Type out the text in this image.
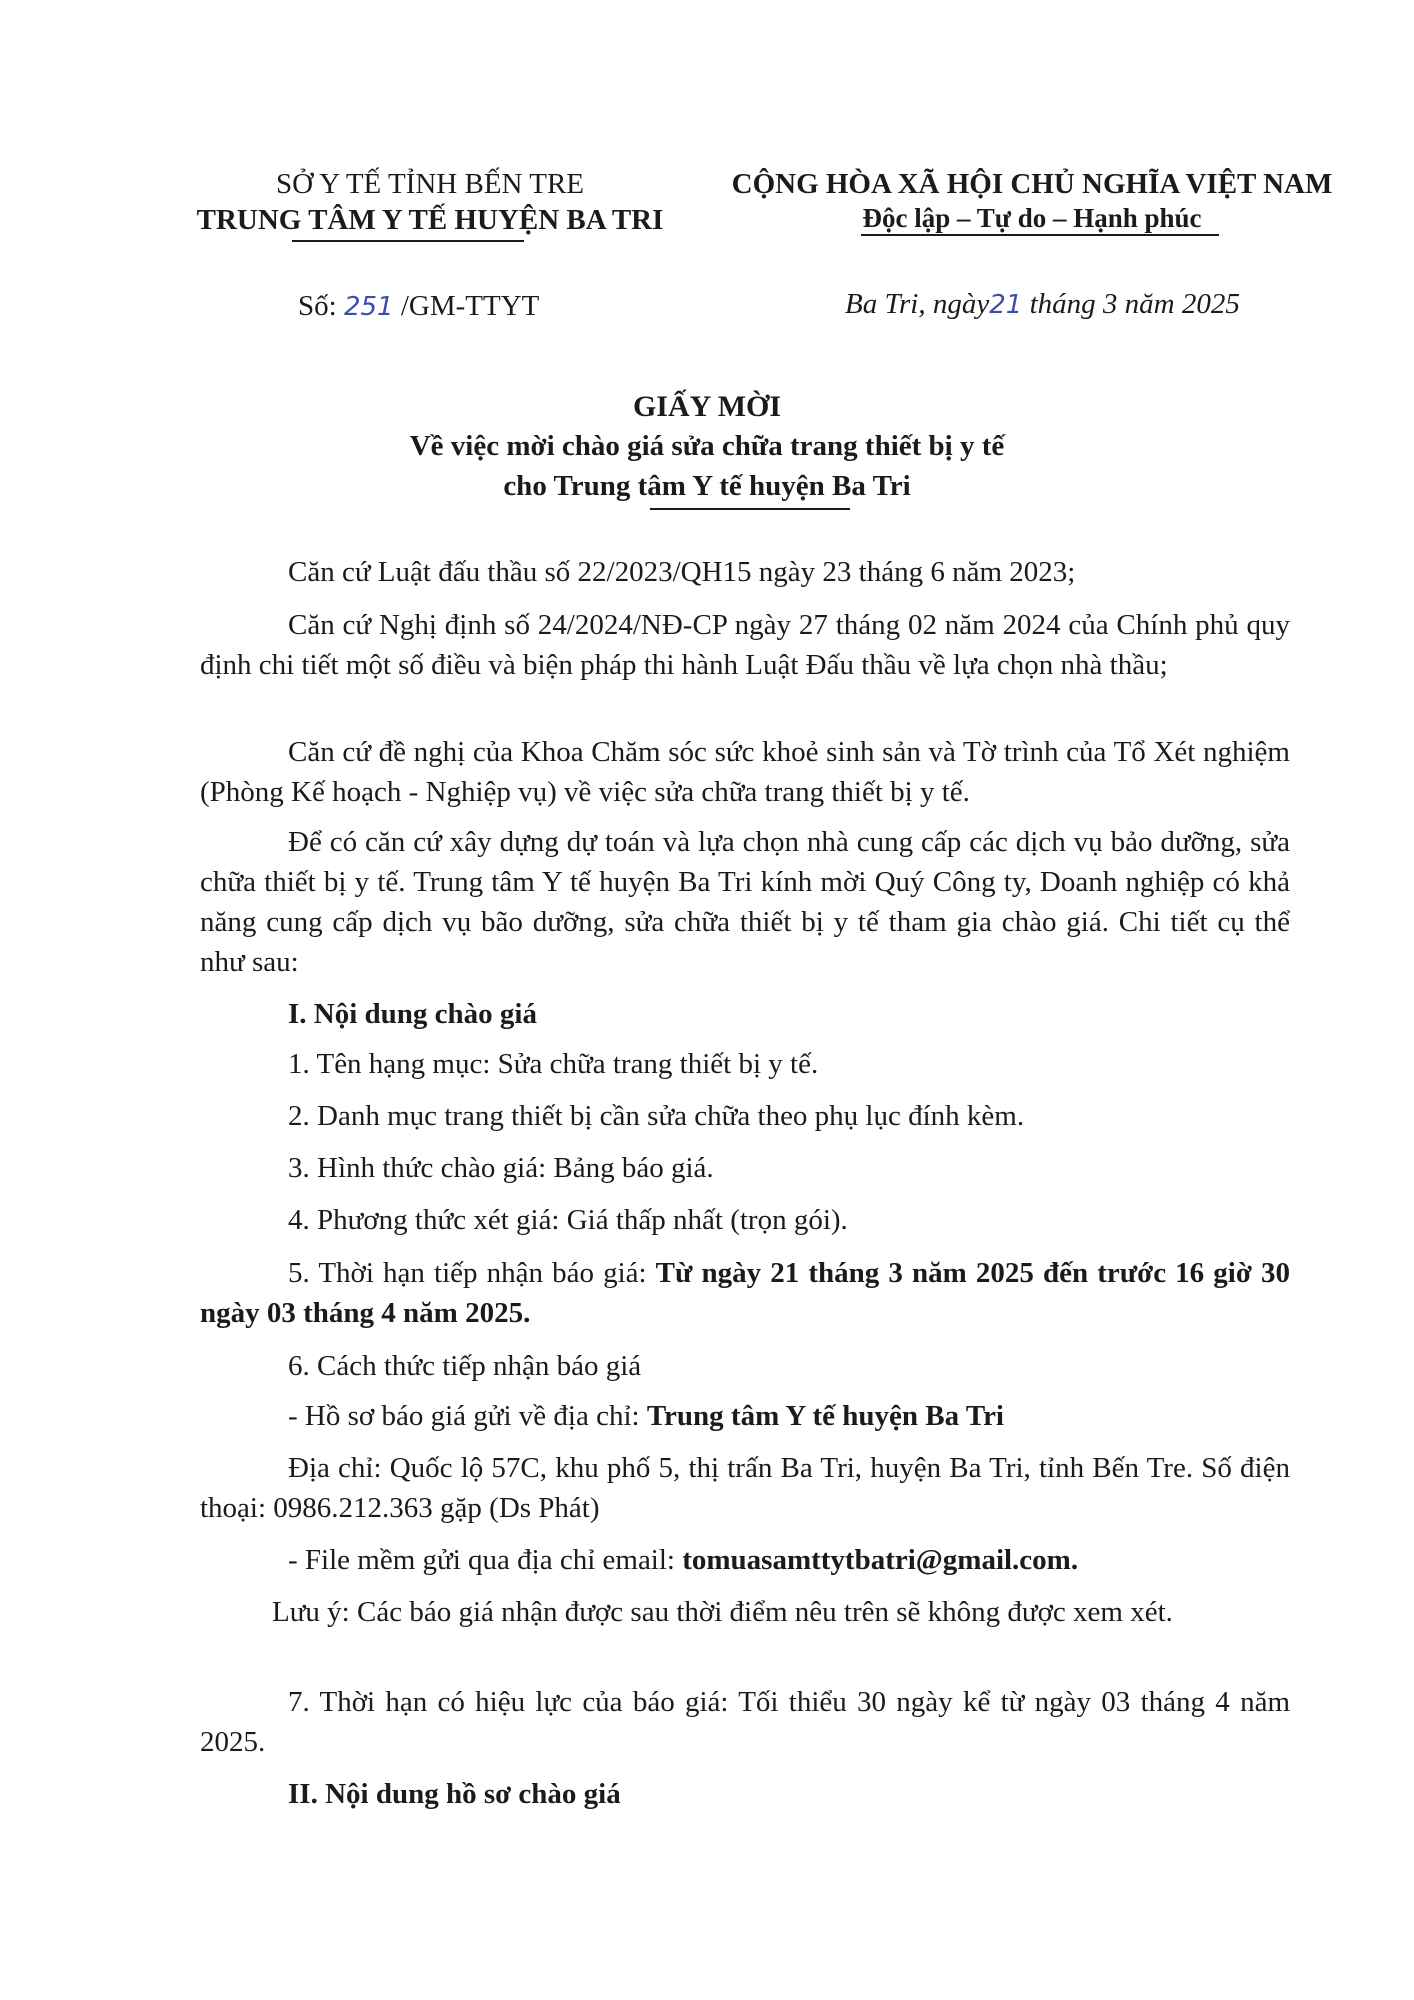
SỞ Y TẾ TỈNH BẾN TRE
TRUNG TÂM Y TẾ HUYỆN BA TRI
CỘNG HÒA XÃ HỘI CHỦ NGHĨA VIỆT NAM
Độc lập – Tự do – Hạnh phúc
Số: 251 /GM-TTYT	Ba Tri, ngày21 tháng 3 năm 2025
GIẤY MỜI
Về việc mời chào giá sửa chữa trang thiết bị y tế
cho Trung tâm Y tế huyện Ba Tri
Căn cứ Luật đấu thầu số 22/2023/QH15 ngày 23 tháng 6 năm 2023;
Căn cứ Nghị định số 24/2024/NĐ-CP ngày 27 tháng 02 năm 2024 của Chính phủ quy định chi tiết một số điều và biện pháp thi hành Luật Đấu thầu về lựa chọn nhà thầu;
Căn cứ đề nghị của Khoa Chăm sóc sức khoẻ sinh sản và Tờ trình của Tổ Xét nghiệm (Phòng Kế hoạch - Nghiệp vụ) về việc sửa chữa trang thiết bị y tế.
Để có căn cứ xây dựng dự toán và lựa chọn nhà cung cấp các dịch vụ bảo dưỡng, sửa chữa thiết bị y tế. Trung tâm Y tế huyện Ba Tri kính mời Quý Công ty, Doanh nghiệp có khả năng cung cấp dịch vụ bão dưỡng, sửa chữa thiết bị y tế tham gia chào giá. Chi tiết cụ thể như sau:
I. Nội dung chào giá
1. Tên hạng mục: Sửa chữa trang thiết bị y tế.
2. Danh mục trang thiết bị cần sửa chữa theo phụ lục đính kèm.
3. Hình thức chào giá: Bảng báo giá.
4. Phương thức xét giá: Giá thấp nhất (trọn gói).
5. Thời hạn tiếp nhận báo giá: Từ ngày 21 tháng 3 năm 2025 đến trước 16 giờ 30 ngày 03 tháng 4 năm 2025.
6. Cách thức tiếp nhận báo giá
- Hồ sơ báo giá gửi về địa chỉ: Trung tâm Y tế huyện Ba Tri
Địa chỉ: Quốc lộ 57C, khu phố 5, thị trấn Ba Tri, huyện Ba Tri, tỉnh Bến Tre. Số điện thoại: 0986.212.363 gặp (Ds Phát)
- File mềm gửi qua địa chỉ email: tomuasamttytbatri@gmail.com.
Lưu ý: Các báo giá nhận được sau thời điểm nêu trên sẽ không được xem xét.
7. Thời hạn có hiệu lực của báo giá: Tối thiểu 30 ngày kể từ ngày 03 tháng 4 năm 2025.
II. Nội dung hồ sơ chào giá
